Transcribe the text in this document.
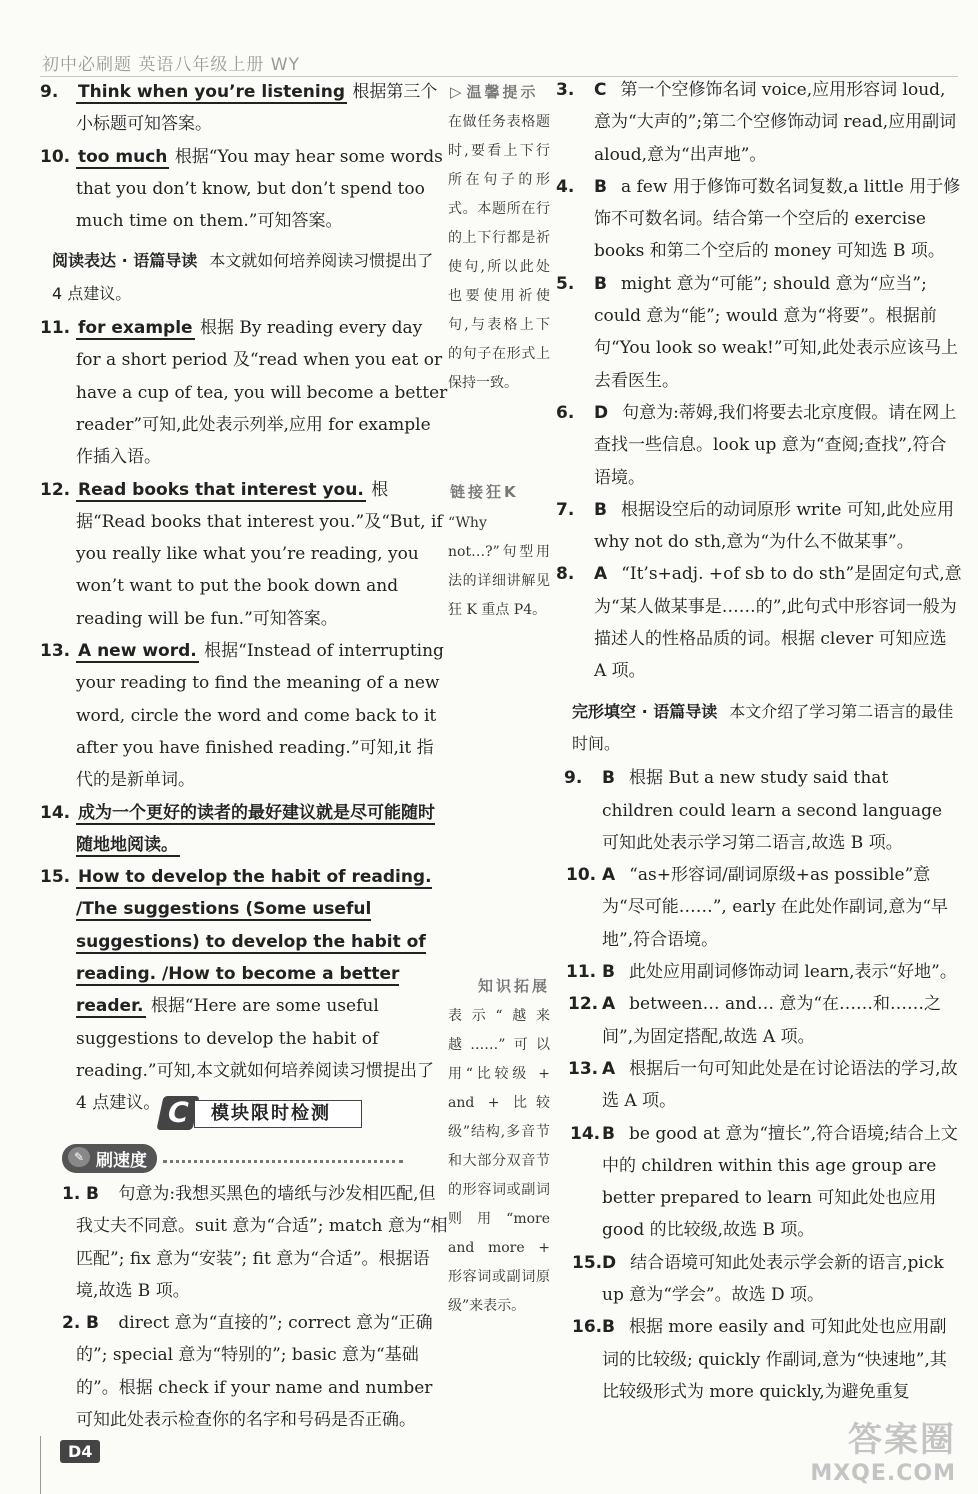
初中必刷题 英语八年级上册 WY

9. Think when you’re listening 根据第三个小标题可知答案。

10. too much 根据“You may hear some words that you don’t know, but don’t spend too much time on them.”可知答案。

阅读表达 · 语篇导读 本文就如何培养阅读习惯提出了 4 点建议。

11. for example 根据 By reading every day for a short period 及“read when you eat or have a cup of tea, you will become a better reader”可知,此处表示列举,应用 for example 作插入语。

12. Read books that interest you. 根据“Read books that interest you.”及“But, if you really like what you’re reading, you won’t want to put the book down and reading will be fun.”可知答案。

13. A new word. 根据“Instead of interrupting your reading to find the meaning of a new word, circle the word and come back to it after you have finished reading.”可知,it 指代的是新单词。

14. 成为一个更好的读者的最好建议就是尽可能随时随地地阅读。

15. How to develop the habit of reading. /The suggestions (Some useful suggestions) to develop the habit of reading. /How to become a better reader. 根据“Here are some useful suggestions to develop the habit of reading.”可知,本文就如何培养阅读习惯提出了 4 点建议。 C	模块限时检测
✎ 刷速度

1. B 句意为:我想买黑色的墙纸与沙发相匹配,但我丈夫不同意。suit 意为“合适”; match 意为“相匹配”; fix 意为“安装”; fit 意为“合适”。根据语境,故选 B 项。

2. B direct 意为“直接的”; correct 意为“正确的”; special 意为“特别的”; basic 意为“基础的”。根据 check if your name and number 可知此处表示检查你的名字和号码是否正确。

▷ 温馨提示
在做任务表格题时,要看上下行所在句子的形式。本题所在行的上下行都是祈使句,所以此处也要使用祈使句,与表格上下的句子在形式上保持一致。
链接狂K
“Why not…?”句型用法的详细讲解见狂 K 重点 P4。
知识拓展
表示“越来越……”可以用“比较级 + and + 比较级”结构,多音节和大部分双音节的形容词或副词则用“more and more + 形容词或副词原级”来表示。

3. C 第一个空修饰名词 voice,应用形容词 loud,意为“大声的”;第二个空修饰动词 read,应用副词 aloud,意为“出声地”。

4. B a few 用于修饰可数名词复数,a little 用于修饰不可数名词。结合第一个空后的 exercise books 和第二个空后的 money 可知选 B 项。

5. B might 意为“可能”; should 意为“应当”; could 意为“能”; would 意为“将要”。根据前句“You look so weak!”可知,此处表示应该马上去看医生。

6. D 句意为:蒂姆,我们将要去北京度假。请在网上查找一些信息。look up 意为“查阅;查找”,符合语境。

7. B 根据设空后的动词原形 write 可知,此处应用 why not do sth,意为“为什么不做某事”。

8. A “It’s+adj. +of sb to do sth”是固定句式,意为“某人做某事是……的”,此句式中形容词一般为描述人的性格品质的词。根据 clever 可知应选 A 项。

完形填空 · 语篇导读 本文介绍了学习第二语言的最佳时间。

9. B 根据 But a new study said that children could learn a second language 可知此处表示学习第二语言,故选 B 项。

10. A “as+形容词/副词原级+as possible”意为“尽可能……”, early 在此处作副词,意为“早地”,符合语境。

11. B 此处应用副词修饰动词 learn,表示“好地”。

12. A between… and… 意为“在……和……之间”,为固定搭配,故选 A 项。

13. A 根据后一句可知此处是在讨论语法的学习,故选 A 项。

14. B be good at 意为“擅长”,符合语境;结合上文中的 children within this age group are better prepared to learn 可知此处也应用 good 的比较级,故选 B 项。

15. D 结合语境可知此处表示学会新的语言,pick up 意为“学会”。故选 D 项。

16. B 根据 more easily and 可知此处也应用副词的比较级; quickly 作副词,意为“快速地”,其比较级形式为 more quickly,为避免重复

D4	答案圈
MXQE.COM
